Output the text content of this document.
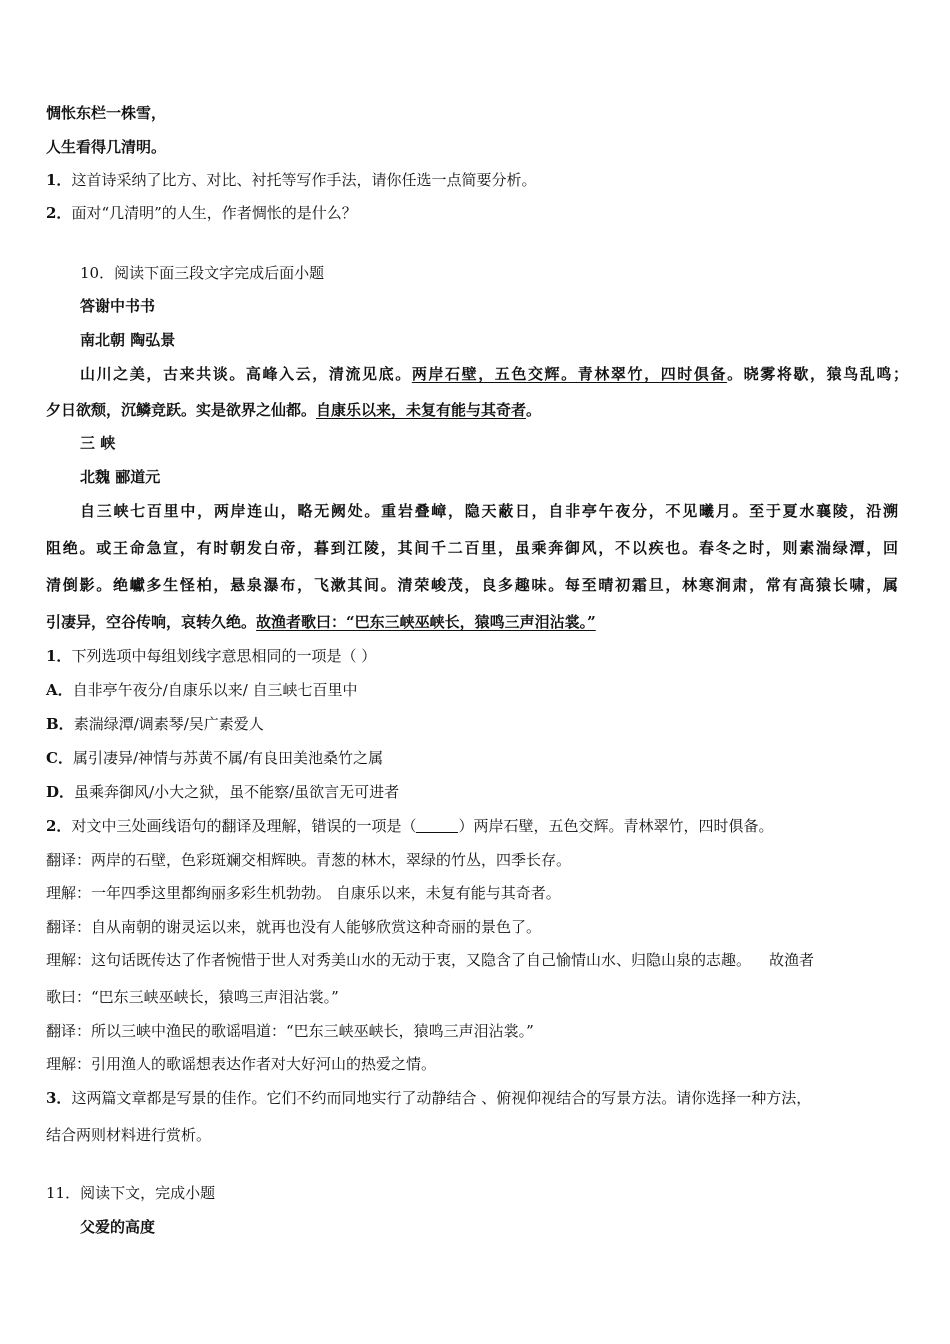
惆怅东栏一株雪，
人生看得几清明。
1．这首诗采纳了比方、对比、衬托等写作手法，请你任选一点简要分析。
2．面对“几清明”的人生，作者惆怅的是什么？
10．阅读下面三段文字完成后面小题
答谢中书书
南北朝 陶弘景
山川之美，古来共谈。高峰入云，清流见底。两岸石壁，五色交辉。青林翠竹，四时俱备。晓雾将歇，猿鸟乱鸣；
夕日欲颓，沉鳞竞跃。实是欲界之仙都。自康乐以来，未复有能与其奇者。
三 峡
北魏 郦道元
自三峡七百里中，两岸连山，略无阙处。重岩叠嶂，隐天蔽日，自非亭午夜分，不见曦月。至于夏水襄陵，沿溯
阻绝。或王命急宣，有时朝发白帝，暮到江陵，其间千二百里，虽乘奔御风，不以疾也。春冬之时，则素湍绿潭，回
清倒影。绝巘多生怪柏，悬泉瀑布，飞漱其间。清荣峻茂，良多趣味。每至晴初霜旦，林寒涧肃，常有高猿长啸，属
引凄异，空谷传响，哀转久绝。故渔者歌曰：“巴东三峡巫峡长，猿鸣三声泪沾裳。”
1．下列选项中每组划线字意思相同的一项是（ ）
A．自非亭午夜分/自康乐以来/ 自三峡七百里中
B．素湍绿潭/调素琴/吴广素爱人
C．属引凄异/神情与苏黄不属/有良田美池桑竹之属
D．虽乘奔御风/小大之狱，虽不能察/虽欲言无可进者
2．对文中三处画线语句的翻译及理解，错误的一项是（	）两岸石壁，五色交辉。青林翠竹，四时俱备。
翻译：两岸的石壁，色彩斑斓交相辉映。青葱的林木，翠绿的竹丛，四季长存。
理解：一年四季这里都绚丽多彩生机勃勃。 自康乐以来，未复有能与其奇者。
翻译：自从南朝的谢灵运以来，就再也没有人能够欣赏这种奇丽的景色了。
理解：这句话既传达了作者惋惜于世人对秀美山水的无动于衷，又隐含了自己愉情山水、归隐山泉的志趣。 故渔者
歌曰：“巴东三峡巫峡长，猿鸣三声泪沾裳。”
翻译：所以三峡中渔民的歌谣唱道：“巴东三峡巫峡长，猿鸣三声泪沾裳。”
理解：引用渔人的歌谣想表达作者对大好河山的热爱之情。
3．这两篇文章都是写景的佳作。它们不约而同地实行了动静结合 、俯视仰视结合的写景方法。请你选择一种方法，
结合两则材料进行赏析。
11．阅读下文，完成小题
父爱的高度
